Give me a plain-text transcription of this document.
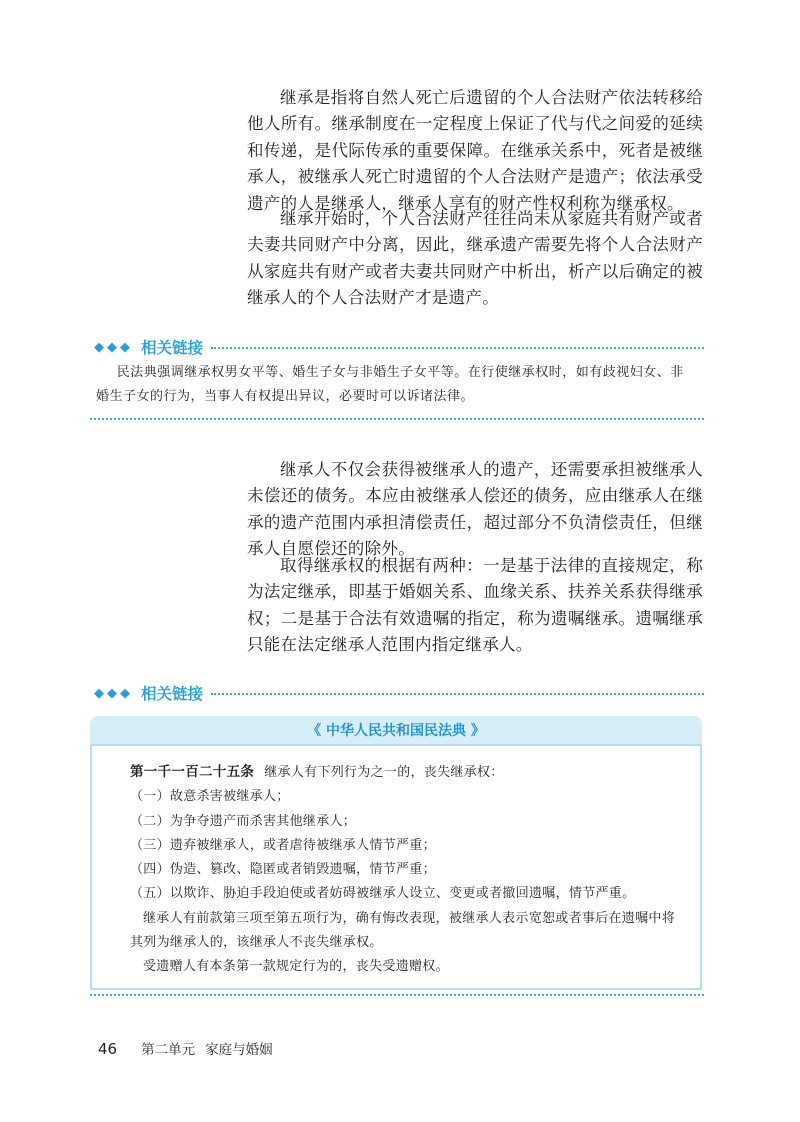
继承是指将自然人死亡后遗留的个人合法财产依法转移给他人所有。继承制度在一定程度上保证了代与代之间爱的延续和传递，是代际传承的重要保障。在继承关系中，死者是被继承人，被继承人死亡时遗留的个人合法财产是遗产；依法承受遗产的人是继承人，继承人享有的财产性权利称为继承权。

继承开始时，个人合法财产往往尚未从家庭共有财产或者夫妻共同财产中分离，因此，继承遗产需要先将个人合法财产从家庭共有财产或者夫妻共同财产中析出，析产以后确定的被继承人的个人合法财产才是遗产。

◆◆◆ 相关链接

民法典强调继承权男女平等、婚生子女与非婚生子女平等。在行使继承权时，如有歧视妇女、非婚生子女的行为，当事人有权提出异议，必要时可以诉诸法律。

继承人不仅会获得被继承人的遗产，还需要承担被继承人未偿还的债务。本应由被继承人偿还的债务，应由继承人在继承的遗产范围内承担清偿责任，超过部分不负清偿责任，但继承人自愿偿还的除外。

取得继承权的根据有两种：一是基于法律的直接规定，称为法定继承，即基于婚姻关系、血缘关系、扶养关系获得继承权；二是基于合法有效遗嘱的指定，称为遗嘱继承。遗嘱继承只能在法定继承人范围内指定继承人。

◆◆◆ 相关链接
《 中华人民共和国民法典 》

第一千一百二十五条 继承人有下列行为之一的，丧失继承权：

（一）故意杀害被继承人；

（二）为争夺遗产而杀害其他继承人；

（三）遗弃被继承人，或者虐待被继承人情节严重；

（四）伪造、篡改、隐匿或者销毁遗嘱，情节严重；

（五）以欺诈、胁迫手段迫使或者妨碍被继承人设立、变更或者撤回遗嘱，情节严重。

继承人有前款第三项至第五项行为，确有悔改表现，被继承人表示宽恕或者事后在遗嘱中将其列为继承人的，该继承人不丧失继承权。

受遗赠人有本条第一款规定行为的，丧失受遗赠权。

46 第二单元 家庭与婚姻
